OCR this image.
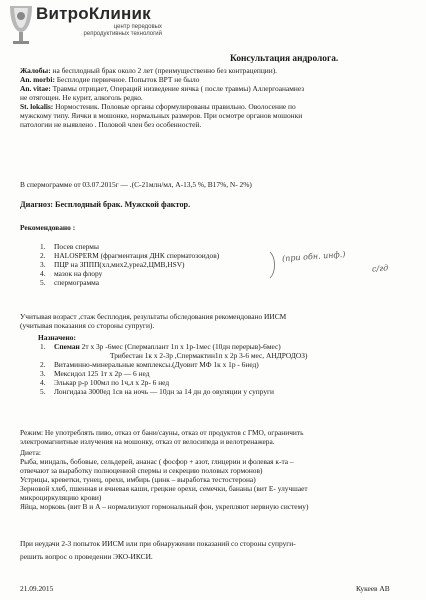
ВитроКлиник
центр передовых
репродуктивных технологий
Консультация андролога.
Жалобы: на бесплодный брак около 2 лет (преимущественно без контрацепции).
An. morbi: Бесплодие первичное. Попыток ВРТ не было
An. vitae: Травмы отрицает, Операций низведение яичка ( после травмы) Аллергоанамнез
не отягощен. Не курит, алкоголь редко.
St. lokalis: Нормостеник. Половые органы сформулированы правильно. Оволосение по
мужскому типу. Яички в мошонке, нормальных размеров. При осмотре органов мошонки
патологии не выявлено . Половой член без особенностей.
В спермограмме от 03.07.2015г — .(С-21млн/мл, А-13,5 %, В17%, N- 2%)
Диагноз: Бесплодный брак. Мужской фактор.
Рекомендовано :
1. Посев спермы
2. HALOSPERM (фрагментация ДНК сперматозоидов)
3. ПЦР на ЗППП(хл,миx2,уреа2,ЦМВ,HSV)
4. мазок на флору
5. спермограмма
(при обн. инф.)
с/гд
Учитывая возраст ,стаж бесплодия, результаты обследования рекомендовано ИИСМ
(учитывая показания со стороны супруги).
Назначено:
1. Спеман 2т х 3р -6мес (Спермаплант 1п х 1р-1мес (10дн перерыв)-6мес)
Трибестан 1к х 2-3р ,Спермактин1п х 2р 3-6 мес, АНДРОДОЗ)
2. Витаминно-минеральные комплексы.(Дуовит МФ 1к х 1р - 6нед)
3. Мексидол 125 1т х 2р — 6 нед
4. Элькар р-р 100мл по 1ч,л х 2р- 6 нед
5. Лонгидаза 3000ед 1св на ночь — 10дн за 14 дн до овуляции у супруги
Режим: Не употреблять пиво, отказ от бани/сауны, отказ от продуктов с ГМО, ограничить
электромагнитные излучения на мошонку, отказ от велосипеда и велотренажера.
Диета:
Рыба, миндаль, бобовые, сельдерей, ананас ( фосфор + азот, глицерин и фолевая к-та –
отвечают за выработку полноценной спермы и секрецию половых гормонов)
Устрицы, креветки, тунец, орехи, имбирь (цинк – выработка тестостерона)
Зерновой хлеб, пшенная и ячневая каши, грецкие орехи, семечки, бананы (вит Е- улучшает
микроциркуляцию крови)
Яйца, морковь (вит В и А – нормализуют гормональный фон, укрепляют нервную систему)
При неудачи 2-3 попыток ИИСМ или при обнаружении показаний со стороны супруги-
решить вопрос о проведении ЭКО-ИКСИ.
21.09.2015	Кукеев АВ
